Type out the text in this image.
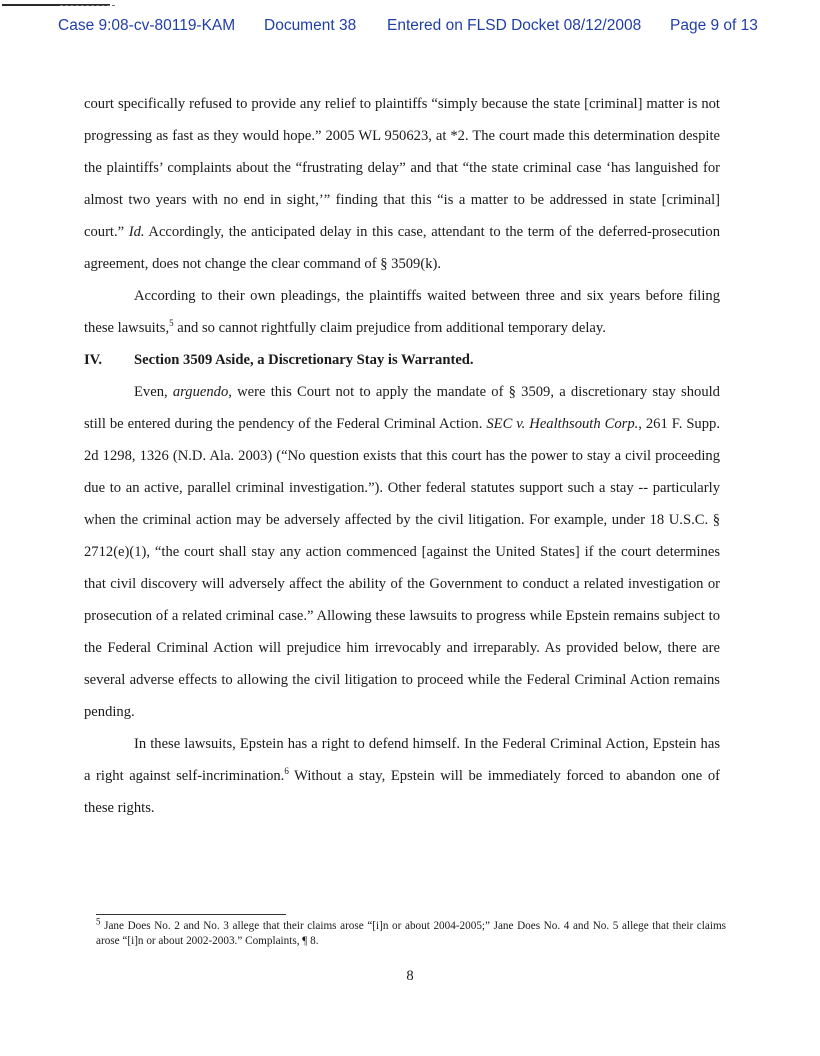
Case 9:08-cv-80119-KAM Document 38 Entered on FLSD Docket 08/12/2008 Page 9 of 13

court specifically refused to provide any relief to plaintiffs “simply because the state [criminal] matter is not progressing as fast as they would hope.” 2005 WL 950623, at *2. The court made this determination despite the plaintiffs’ complaints about the “frustrating delay” and that “the state criminal case ‘has languished for almost two years with no end in sight,’” finding that this “is a matter to be addressed in state [criminal] court.” Id. Accordingly, the anticipated delay in this case, attendant to the term of the deferred-prosecution agreement, does not change the clear command of § 3509(k).

According to their own pleadings, the plaintiffs waited between three and six years before filing these lawsuits,$^5$ and so cannot rightfully claim prejudice from additional temporary delay.

IV. Section 3509 Aside, a Discretionary Stay is Warranted.

Even, arguendo, were this Court not to apply the mandate of § 3509, a discretionary stay should still be entered during the pendency of the Federal Criminal Action. SEC v. Healthsouth Corp., 261 F. Supp. 2d 1298, 1326 (N.D. Ala. 2003) (“No question exists that this court has the power to stay a civil proceeding due to an active, parallel criminal investigation.”). Other federal statutes support such a stay -- particularly when the criminal action may be adversely affected by the civil litigation. For example, under 18 U.S.C. § 2712(e)(1), “the court shall stay any action commenced [against the United States] if the court determines that civil discovery will adversely affect the ability of the Government to conduct a related investigation or prosecution of a related criminal case.” Allowing these lawsuits to progress while Epstein remains subject to the Federal Criminal Action will prejudice him irrevocably and irreparably. As provided below, there are several adverse effects to allowing the civil litigation to proceed while the Federal Criminal Action remains pending.

In these lawsuits, Epstein has a right to defend himself. In the Federal Criminal Action, Epstein has a right against self-incrimination.$^6$ Without a stay, Epstein will be immediately forced to abandon one of these rights.

$^5$ Jane Does No. 2 and No. 3 allege that their claims arose “[i]n or about 2004-2005;” Jane Does No. 4 and No. 5 allege that their claims arose “[i]n or about 2002-2003.” Complaints, ¶ 8.

8
